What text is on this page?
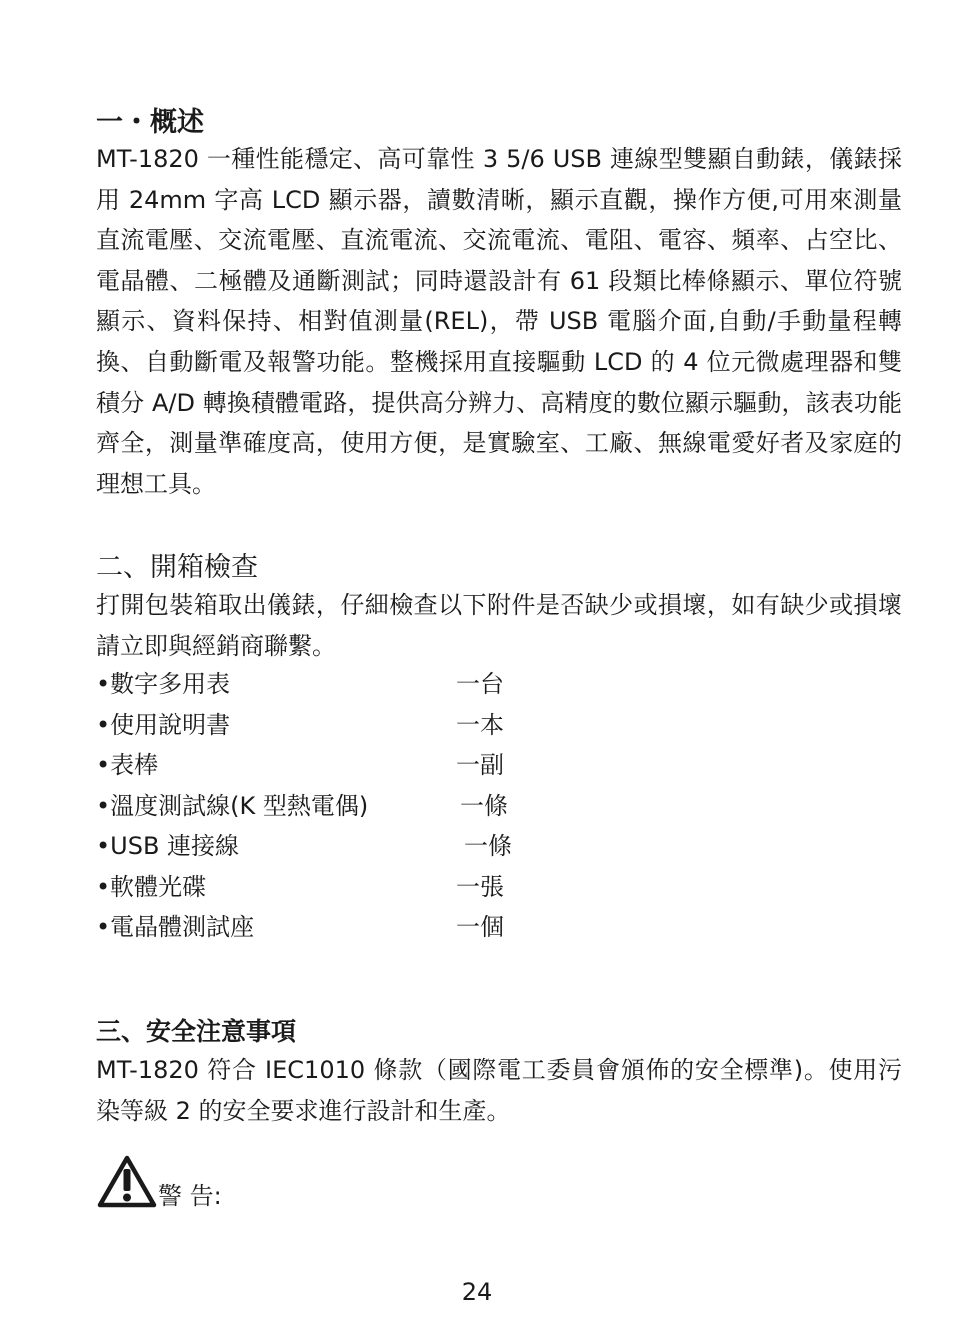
一・概述
MT-1820 一種性能穩定、高可靠性 3 5/6 USB 連線型雙顯自動錶，儀錶採用 24mm 字高 LCD 顯示器，讀數清晰，顯示直觀，操作方便,可用來測量直流電壓、交流電壓、直流電流、交流電流、電阻、電容、頻率、占空比、電晶體、二極體及通斷測試；同時還設計有 61 段類比棒條顯示、單位符號顯示、資料保持、相對值測量(REL)，帶 USB 電腦介面,自動/手動量程轉換、自動斷電及報警功能。整機採用直接驅動 LCD 的 4 位元微處理器和雙積分 A/D 轉換積體電路，提供高分辨力、高精度的數位顯示驅動，該表功能齊全，測量準確度高，使用方便，是實驗室、工廠、無線電愛好者及家庭的理想工具。
二、開箱檢查
打開包裝箱取出儀錶，仔細檢查以下附件是否缺少或損壞，如有缺少或損壞請立即與經銷商聯繫。
•數字多用表	一台
•使用說明書	一本
•表棒	一副
•溫度測試線(K 型熱電偶)	一條
•USB 連接線	一條
•軟體光碟	一張
•電晶體測試座	一個
三、安全注意事項
MT-1820 符合 IEC1010 條款（國際電工委員會頒佈的安全標準)。使用污染等級 2 的安全要求進行設計和生產。
警 告:
24
